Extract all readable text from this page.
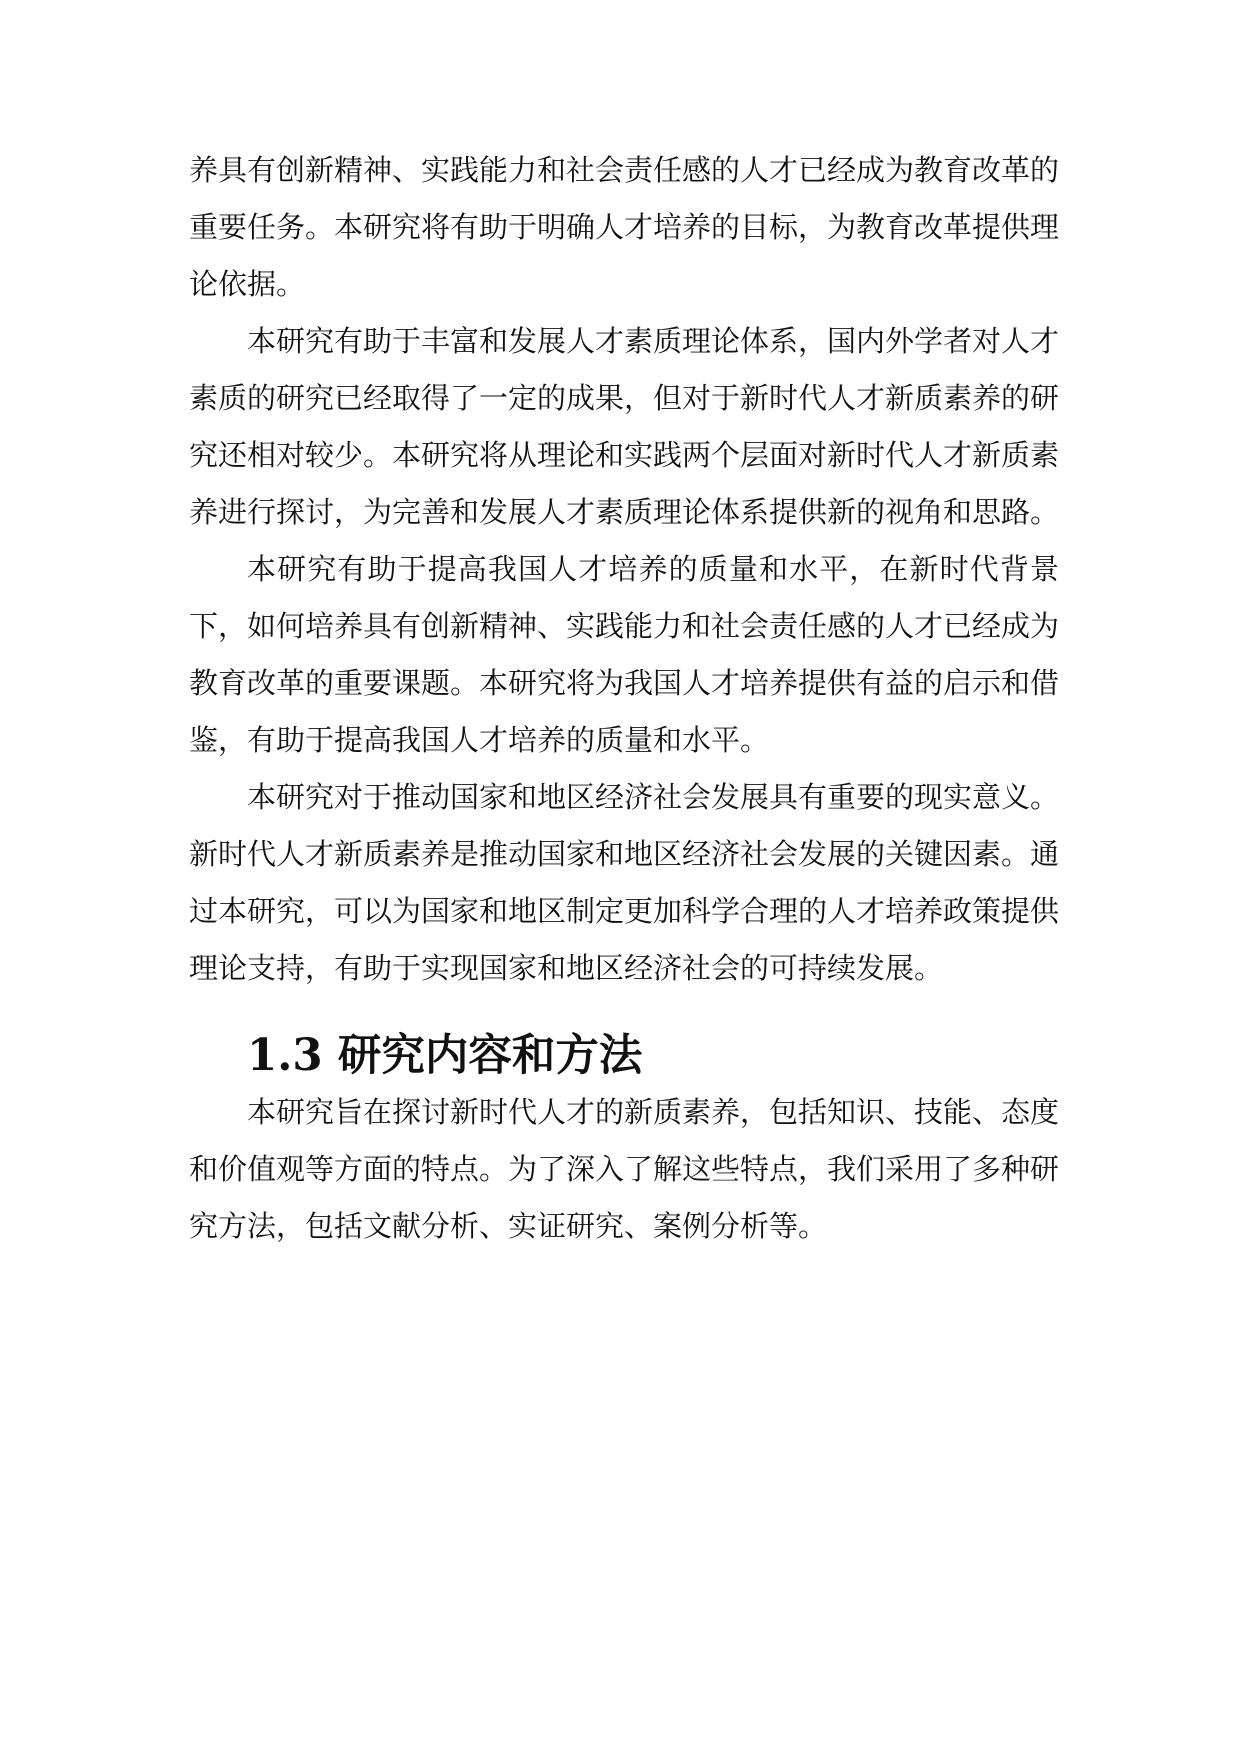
养具有创新精神、实践能力和社会责任感的人才已经成为教育改革的重要任务。本研究将有助于明确人才培养的目标，为教育改革提供理论依据。

本研究有助于丰富和发展人才素质理论体系，国内外学者对人才素质的研究已经取得了一定的成果，但对于新时代人才新质素养的研究还相对较少。本研究将从理论和实践两个层面对新时代人才新质素养进行探讨，为完善和发展人才素质理论体系提供新的视角和思路。

本研究有助于提高我国人才培养的质量和水平，在新时代背景下，如何培养具有创新精神、实践能力和社会责任感的人才已经成为教育改革的重要课题。本研究将为我国人才培养提供有益的启示和借鉴，有助于提高我国人才培养的质量和水平。

本研究对于推动国家和地区经济社会发展具有重要的现实意义。新时代人才新质素养是推动国家和地区经济社会发展的关键因素。通过本研究，可以为国家和地区制定更加科学合理的人才培养政策提供理论支持，有助于实现国家和地区经济社会的可持续发展。

1.3 研究内容和方法

本研究旨在探讨新时代人才的新质素养，包括知识、技能、态度和价值观等方面的特点。为了深入了解这些特点，我们采用了多种研究方法，包括文献分析、实证研究、案例分析等。
